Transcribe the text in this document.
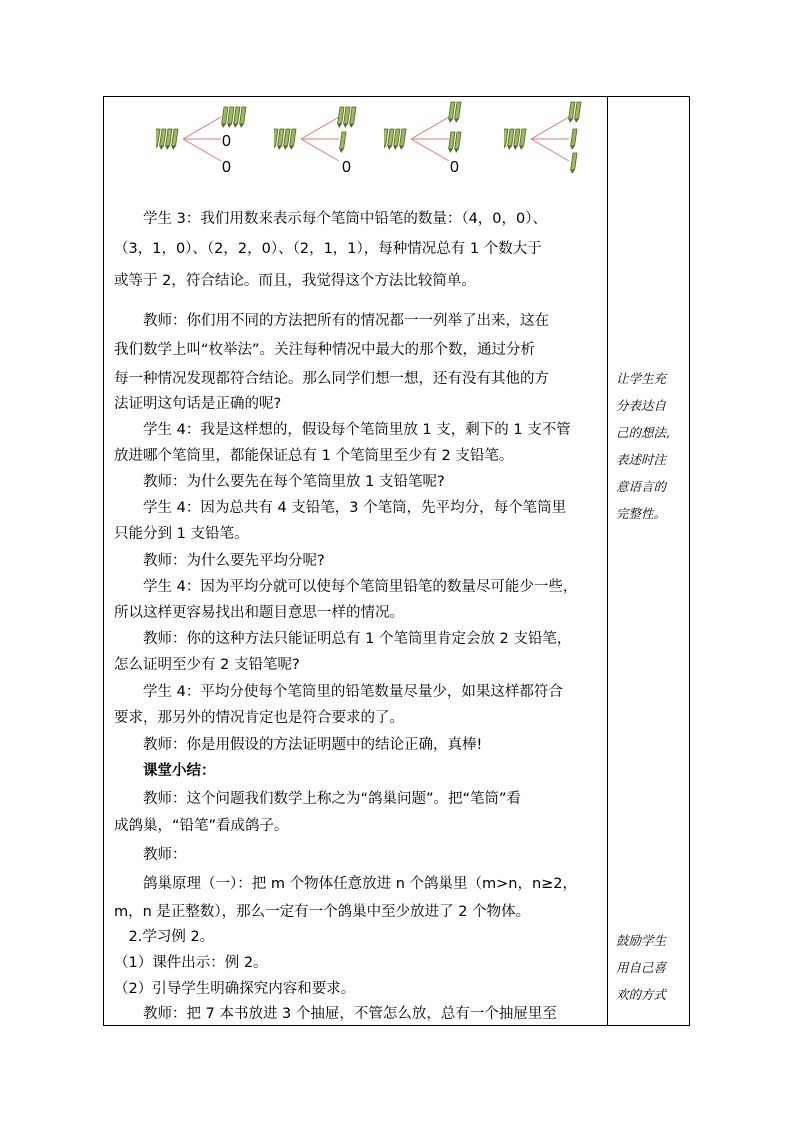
0
0	0	0
　　学生 3：我们用数来表示每个笔筒中铅笔的数量：（4，0，0）、
（3，1，0）、（2，2，0）、（2，1，1），每种情况总有 1 个数大于
或等于 2，符合结论。而且，我觉得这个方法比较简单。
　　教师：你们用不同的方法把所有的情况都一一列举了出来，这在
我们数学上叫“枚举法”。关注每种情况中最大的那个数，通过分析
每一种情况发现都符合结论。那么同学们想一想，还有没有其他的方
法证明这句话是正确的呢?
　　学生 4：我是这样想的，假设每个笔筒里放 1 支，剩下的 1 支不管
放进哪个笔筒里，都能保证总有 1 个笔筒里至少有 2 支铅笔。
　　教师：为什么要先在每个笔筒里放 1 支铅笔呢?
　　学生 4：因为总共有 4 支铅笔，3 个笔筒，先平均分，每个笔筒里
只能分到 1 支铅笔。
　　教师：为什么要先平均分呢?
　　学生 4：因为平均分就可以使每个笔筒里铅笔的数量尽可能少一些，
所以这样更容易找出和题目意思一样的情况。
　　教师：你的这种方法只能证明总有 1 个笔筒里肯定会放 2 支铅笔，
怎么证明至少有 2 支铅笔呢?
　　学生 4：平均分使每个笔筒里的铅笔数量尽量少，如果这样都符合
要求，那另外的情况肯定也是符合要求的了。
　　教师：你是用假设的方法证明题中的结论正确，真棒!
　　课堂小结：
　　教师：这个问题我们数学上称之为“鸽巢问题”。把“笔筒”看
成鸽巢，“铅笔”看成鸽子。
　　教师：
　　鸽巢原理（一）：把 m 个物体任意放进 n 个鸽巢里（m>n，n≥2，
m，n 是正整数），那么一定有一个鸽巢中至少放进了 2 个物体。
　2.学习例 2。
（1）课件出示：例 2。
（2）引导学生明确探究内容和要求。
　　教师：把 7 本书放进 3 个抽屉，不管怎么放，总有一个抽屉里至
让学生充
分表达自
己的想法,
表述时注
意语言的
完整性。
鼓励学生
用自己喜
欢的方式
